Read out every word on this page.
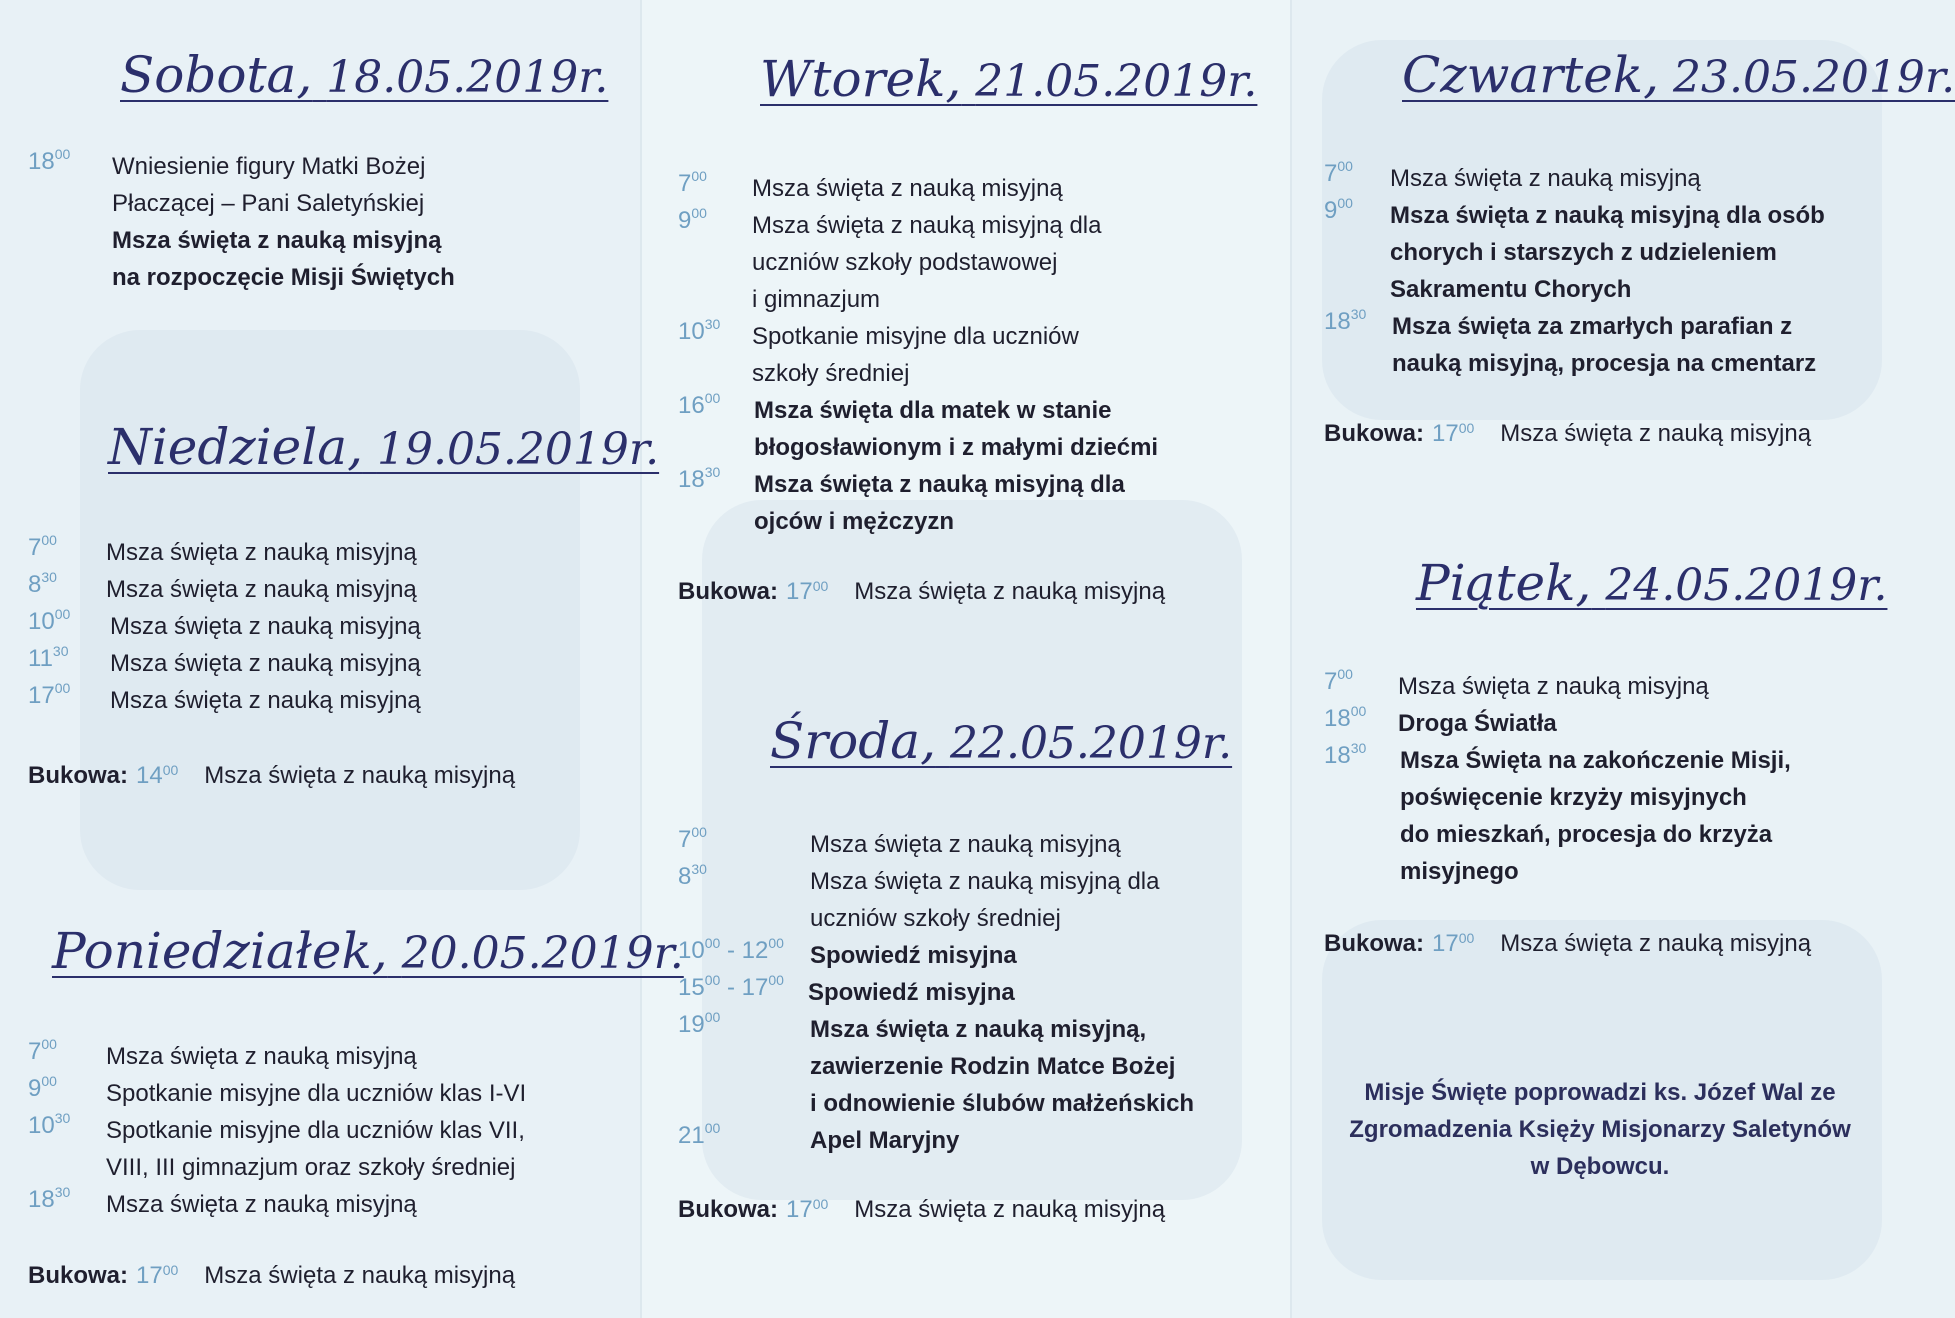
Sobota, 18.05.2019r.
$18^{00}$	Wniesienie figury Matki Bożej
Płaczącej – Pani Saletyńskiej
Msza święta z nauką misyjną
na rozpoczęcie Misji Świętych
Niedziela, 19.05.2019r.
$7^{00}$	Msza święta z nauką misyjną
$8^{30}$	Msza święta z nauką misyjną
$10^{00}$	Msza święta z nauką misyjną
$11^{30}$	Msza święta z nauką misyjną
$17^{00}$	Msza święta z nauką misyjną
Bukowa: $14^{00}$ Msza święta z nauką misyjną
Poniedziałek, 20.05.2019r.
$7^{00}$	Msza święta z nauką misyjną
$9^{00}$	Spotkanie misyjne dla uczniów klas I-VI
$10^{30}$	Spotkanie misyjne dla uczniów klas VII,
VIII, III gimnazjum oraz szkoły średniej
$18^{30}$	Msza święta z nauką misyjną
Bukowa: $17^{00}$ Msza święta z nauką misyjną
Wtorek, 21.05.2019r.
$7^{00}$	Msza święta z nauką misyjną
$9^{00}$	Msza święta z nauką misyjną dla
uczniów szkoły podstawowej
i gimnazjum
$10^{30}$	Spotkanie misyjne dla uczniów
szkoły średniej
$16^{00}$	Msza święta dla matek w stanie
błogosławionym i z małymi dziećmi
$18^{30}$	Msza święta z nauką misyjną dla
ojców i mężczyzn
Bukowa: $17^{00}$ Msza święta z nauką misyjną
Środa, 22.05.2019r.
$7^{00}$	Msza święta z nauką misyjną
$8^{30}$	Msza święta z nauką misyjną dla
uczniów szkoły średniej
$10^{00} - 12^{00}$	Spowiedź misyjna
$15^{00} - 17^{00}$	Spowiedź misyjna
$19^{00}$	Msza święta z nauką misyjną,
zawierzenie Rodzin Matce Bożej
i odnowienie ślubów małżeńskich
$21^{00}$	Apel Maryjny
Bukowa: $17^{00}$ Msza święta z nauką misyjną
Czwartek, 23.05.2019r.
$7^{00}$	Msza święta z nauką misyjną
$9^{00}$	Msza święta z nauką misyjną dla osób
chorych i starszych z udzieleniem
Sakramentu Chorych
$18^{30}$	Msza święta za zmarłych parafian z
nauką misyjną, procesja na cmentarz
Bukowa: $17^{00}$ Msza święta z nauką misyjną
Piątek, 24.05.2019r.
$7^{00}$	Msza święta z nauką misyjną
$18^{00}$	Droga Światła
$18^{30}$	Msza Święta na zakończenie Misji,
poświęcenie krzyży misyjnych
do mieszkań, procesja do krzyża
misyjnego
Bukowa: $17^{00}$ Msza święta z nauką misyjną
Misje Święte poprowadzi ks. Józef Wal ze
Zgromadzenia Księży Misjonarzy Saletynów
w Dębowcu.
